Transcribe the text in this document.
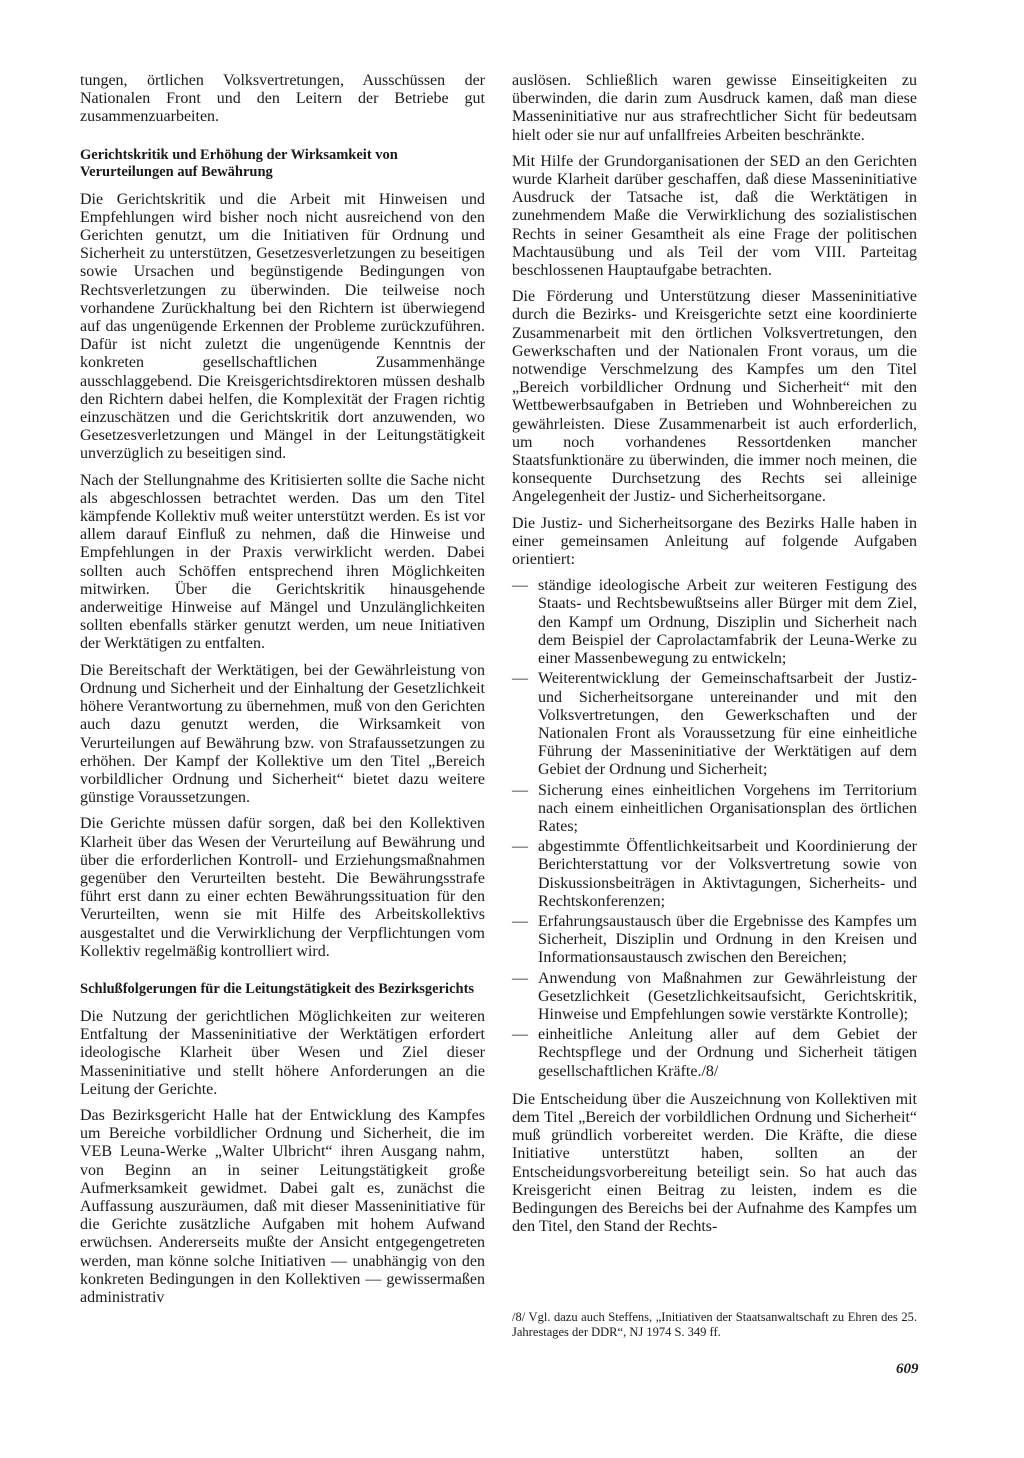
tungen, örtlichen Volksvertretungen, Ausschüssen der Nationalen Front und den Leitern der Betriebe gut zusammenzuarbeiten.

Gerichtskritik und Erhöhung der Wirksamkeit von Verurteilungen auf Bewährung

Die Gerichtskritik und die Arbeit mit Hinweisen und Empfehlungen wird bisher noch nicht ausreichend von den Gerichten genutzt, um die Initiativen für Ordnung und Sicherheit zu unterstützen, Gesetzesverletzungen zu beseitigen sowie Ursachen und begünstigende Bedingungen von Rechtsverletzungen zu überwinden. Die teilweise noch vorhandene Zurückhaltung bei den Richtern ist überwiegend auf das ungenügende Erkennen der Probleme zurückzuführen. Dafür ist nicht zuletzt die ungenügende Kenntnis der konkreten gesellschaftlichen Zusammenhänge ausschlaggebend. Die Kreisgerichtsdirektoren müssen deshalb den Richtern dabei helfen, die Komplexität der Fragen richtig einzuschätzen und die Gerichtskritik dort anzuwenden, wo Gesetzesverletzungen und Mängel in der Leitungstätigkeit unverzüglich zu beseitigen sind.

Nach der Stellungnahme des Kritisierten sollte die Sache nicht als abgeschlossen betrachtet werden. Das um den Titel kämpfende Kollektiv muß weiter unterstützt werden. Es ist vor allem darauf Einfluß zu nehmen, daß die Hinweise und Empfehlungen in der Praxis verwirklicht werden. Dabei sollten auch Schöffen entsprechend ihren Möglichkeiten mitwirken. Über die Gerichtskritik hinausgehende anderweitige Hinweise auf Mängel und Unzulänglichkeiten sollten ebenfalls stärker genutzt werden, um neue Initiativen der Werktätigen zu entfalten.

Die Bereitschaft der Werktätigen, bei der Gewährleistung von Ordnung und Sicherheit und der Einhaltung der Gesetzlichkeit höhere Verantwortung zu übernehmen, muß von den Gerichten auch dazu genutzt werden, die Wirksamkeit von Verurteilungen auf Bewährung bzw. von Strafaussetzungen zu erhöhen. Der Kampf der Kollektive um den Titel „Bereich vorbildlicher Ordnung und Sicherheit“ bietet dazu weitere günstige Voraussetzungen.

Die Gerichte müssen dafür sorgen, daß bei den Kollektiven Klarheit über das Wesen der Verurteilung auf Bewährung und über die erforderlichen Kontroll- und Erziehungsmaßnahmen gegenüber den Verurteilten besteht. Die Bewährungsstrafe führt erst dann zu einer echten Bewährungssituation für den Verurteilten, wenn sie mit Hilfe des Arbeitskollektivs ausgestaltet und die Verwirklichung der Verpflichtungen vom Kollektiv regelmäßig kontrolliert wird.

Schlußfolgerungen für die Leitungstätigkeit des Bezirksgerichts

Die Nutzung der gerichtlichen Möglichkeiten zur weiteren Entfaltung der Masseninitiative der Werktätigen erfordert ideologische Klarheit über Wesen und Ziel dieser Masseninitiative und stellt höhere Anforderungen an die Leitung der Gerichte.

Das Bezirksgericht Halle hat der Entwicklung des Kampfes um Bereiche vorbildlicher Ordnung und Sicherheit, die im VEB Leuna-Werke „Walter Ulbricht“ ihren Ausgang nahm, von Beginn an in seiner Leitungstätigkeit große Aufmerksamkeit gewidmet. Dabei galt es, zunächst die Auffassung auszuräumen, daß mit dieser Masseninitiative für die Gerichte zusätzliche Aufgaben mit hohem Aufwand erwüchsen. Andererseits mußte der Ansicht entgegengetreten werden, man könne solche Initiativen — unabhängig von den konkreten Bedingungen in den Kollektiven — gewissermaßen administrativ

auslösen. Schließlich waren gewisse Einseitigkeiten zu überwinden, die darin zum Ausdruck kamen, daß man diese Masseninitiative nur aus strafrechtlicher Sicht für bedeutsam hielt oder sie nur auf unfallfreies Arbeiten beschränkte.

Mit Hilfe der Grundorganisationen der SED an den Gerichten wurde Klarheit darüber geschaffen, daß diese Masseninitiative Ausdruck der Tatsache ist, daß die Werktätigen in zunehmendem Maße die Verwirklichung des sozialistischen Rechts in seiner Gesamtheit als eine Frage der politischen Machtausübung und als Teil der vom VIII. Parteitag beschlossenen Hauptaufgabe betrachten.

Die Förderung und Unterstützung dieser Masseninitiative durch die Bezirks- und Kreisgerichte setzt eine koordinierte Zusammenarbeit mit den örtlichen Volksvertretungen, den Gewerkschaften und der Nationalen Front voraus, um die notwendige Verschmelzung des Kampfes um den Titel „Bereich vorbildlicher Ordnung und Sicherheit“ mit den Wettbewerbsaufgaben in Betrieben und Wohnbereichen zu gewährleisten. Diese Zusammenarbeit ist auch erforderlich, um noch vorhandenes Ressortdenken mancher Staatsfunktionäre zu überwinden, die immer noch meinen, die konsequente Durchsetzung des Rechts sei alleinige Angelegenheit der Justiz- und Sicherheitsorgane.

Die Justiz- und Sicherheitsorgane des Bezirks Halle haben in einer gemeinsamen Anleitung auf folgende Aufgaben orientiert:

— ständige ideologische Arbeit zur weiteren Festigung des Staats- und Rechtsbewußtseins aller Bürger mit dem Ziel, den Kampf um Ordnung, Disziplin und Sicherheit nach dem Beispiel der Caprolactamfabrik der Leuna-Werke zu einer Massenbewegung zu entwickeln;
— Weiterentwicklung der Gemeinschaftsarbeit der Justiz- und Sicherheitsorgane untereinander und mit den Volksvertretungen, den Gewerkschaften und der Nationalen Front als Voraussetzung für eine einheitliche Führung der Masseninitiative der Werktätigen auf dem Gebiet der Ordnung und Sicherheit;
— Sicherung eines einheitlichen Vorgehens im Territorium nach einem einheitlichen Organisationsplan des örtlichen Rates;
— abgestimmte Öffentlichkeitsarbeit und Koordinierung der Berichterstattung vor der Volksvertretung sowie von Diskussionsbeiträgen in Aktivtagungen, Sicherheits- und Rechtskonferenzen;
— Erfahrungsaustausch über die Ergebnisse des Kampfes um Sicherheit, Disziplin und Ordnung in den Kreisen und Informationsaustausch zwischen den Bereichen;
— Anwendung von Maßnahmen zur Gewährleistung der Gesetzlichkeit (Gesetzlichkeitsaufsicht, Gerichtskritik, Hinweise und Empfehlungen sowie verstärkte Kontrolle);
— einheitliche Anleitung aller auf dem Gebiet der Rechtspflege und der Ordnung und Sicherheit tätigen gesellschaftlichen Kräfte./8/

Die Entscheidung über die Auszeichnung von Kollektiven mit dem Titel „Bereich der vorbildlichen Ordnung und Sicherheit“ muß gründlich vorbereitet werden. Die Kräfte, die diese Initiative unterstützt haben, sollten an der Entscheidungsvorbereitung beteiligt sein. So hat auch das Kreisgericht einen Beitrag zu leisten, indem es die Bedingungen des Bereichs bei der Aufnahme des Kampfes um den Titel, den Stand der Rechts-

/8/ Vgl. dazu auch Steffens, „Initiativen der Staatsanwaltschaft zu Ehren des 25. Jahrestages der DDR“, NJ 1974 S. 349 ff.
609
